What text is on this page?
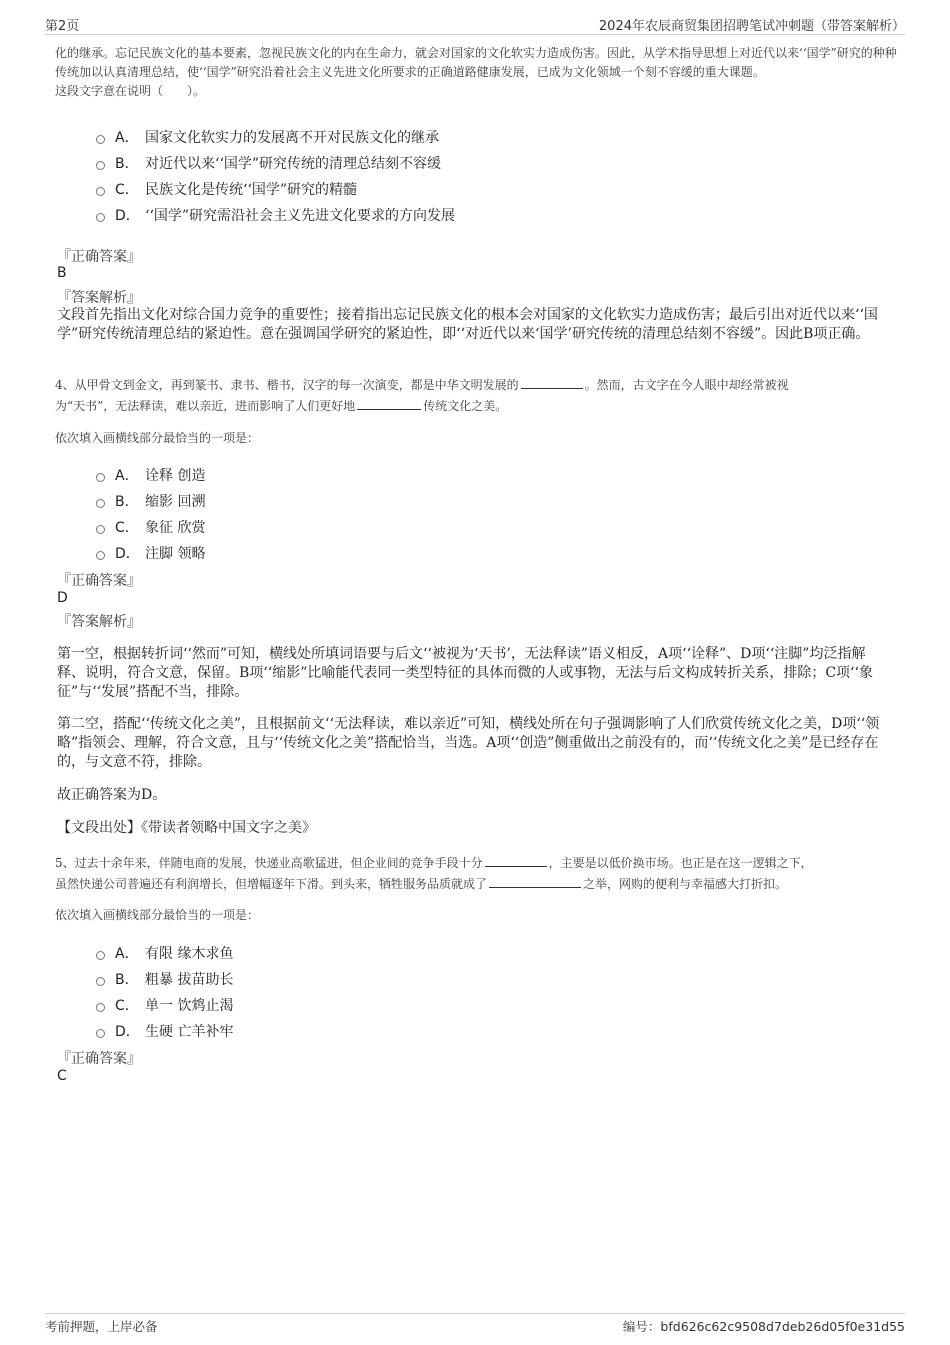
第2页	2024年农辰商贸集团招聘笔试冲刺题（带答案解析）

化的继承。忘记民族文化的基本要素，忽视民族文化的内在生命力，就会对国家的文化软实力造成伤害。因此，从学术指导思想上对近代以来‘‘国学”研究的种种传统加以认真清理总结，使‘‘国学”研究沿着社会主义先进文化所要求的正确道路健康发展，已成为文化领域一个刻不容缓的重大课题。

这段文字意在说明（　　）。

A． 国家文化软实力的发展离不开对民族文化的继承
B． 对近代以来‘‘国学”研究传统的清理总结刻不容缓
C． 民族文化是传统‘‘国学”研究的精髓
D． ‘‘国学”研究需沿社会主义先进文化要求的方向发展
『正确答案』
B
『答案解析』

文段首先指出文化对综合国力竞争的重要性；接着指出忘记民族文化的根本会对国家的文化软实力造成伤害；最后引出对近代以来‘‘国学”研究传统清理总结的紧迫性。意在强调国学研究的紧迫性，即‘‘对近代以来‘国学’研究传统的清理总结刻不容缓”。因此B项正确。

4、从甲骨文到金文，再到篆书、隶书、楷书，汉字的每一次演变，都是中华文明发展的	。然而，古文字在今人眼中却经常被视
为“天书”，无法释读，难以亲近，进而影响了人们更好地	传统文化之美。

依次填入画横线部分最恰当的一项是：

A． 诠释 创造
B． 缩影 回溯
C． 象征 欣赏
D． 注脚 领略
『正确答案』
D
『答案解析』

第一空，根据转折词‘‘然而”可知，横线处所填词语要与后文‘‘被视为‘天书’，无法释读”语义相反，A项‘‘诠释”、D项‘‘注脚”均泛指解释、说明，符合文意，保留。B项‘‘缩影”比喻能代表同一类型特征的具体而微的人或事物，无法与后文构成转折关系，排除；C项‘‘象征”与‘‘发展”搭配不当，排除。

第二空，搭配‘‘传统文化之美”，且根据前文‘‘无法释读，难以亲近”可知，横线处所在句子强调影响了人们欣赏传统文化之美，D项‘‘领略”指领会、理解，符合文意，且与‘‘传统文化之美”搭配恰当，当选。A项‘‘创造”侧重做出之前没有的，而‘‘传统文化之美”是已经存在的，与文意不符，排除。

故正确答案为D。

【文段出处】《带读者领略中国文字之美》

5、过去十余年来，伴随电商的发展，快递业高歌猛进，但企业间的竞争手段十分	，主要是以低价换市场。也正是在这一逻辑之下，
虽然快递公司普遍还有利润增长，但增幅逐年下滑。到头来，牺牲服务品质就成了	之举，网购的便利与幸福感大打折扣。

依次填入画横线部分最恰当的一项是：

A． 有限 缘木求鱼
B． 粗暴 拔苗助长
C． 单一 饮鸩止渴
D． 生硬 亡羊补牢
『正确答案』
C
考前押题，上岸必备	编号：bfd626c62c9508d7deb26d05f0e31d55
